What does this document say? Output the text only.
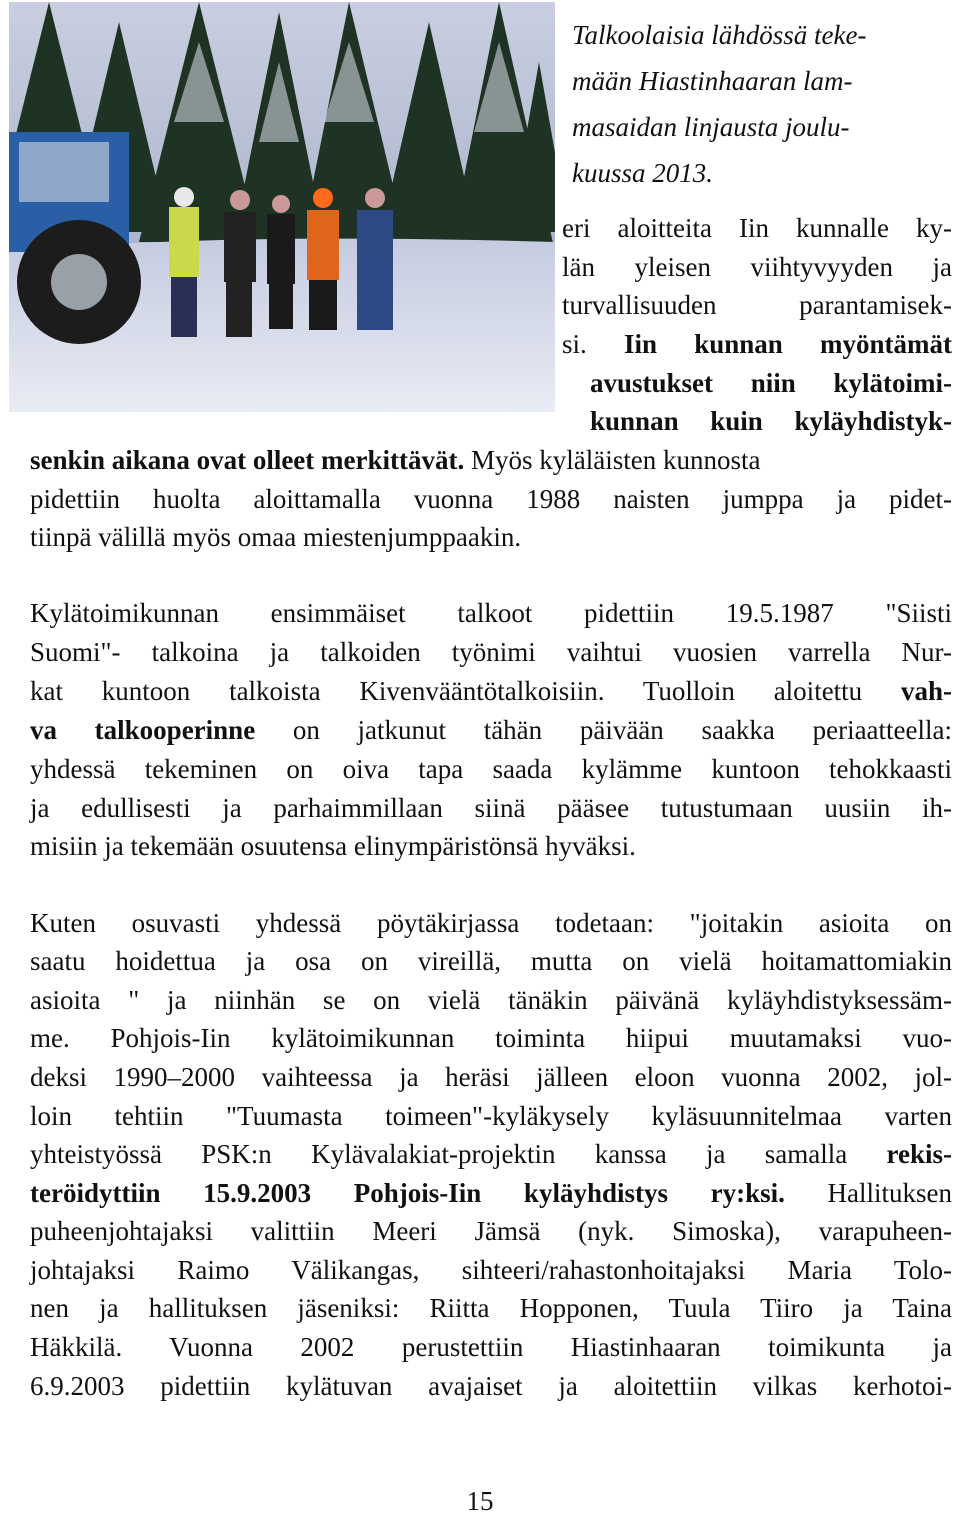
Talkoolaisia lähdössä teke-
mään Hiastinhaaran lam-
masaidan linjausta joulu-
kuussa 2013.
eri aloitteita Iin kunnalle ky-
län yleisen viihtyvyyden ja
turvallisuuden parantamisek-
si. Iin kunnan myöntämät
avustukset niin kylätoimi-
kunnan kuin kyläyhdistyk-
senkin aikana ovat olleet merkittävät. Myös kyläläisten kunnosta
pidettiin huolta aloittamalla vuonna 1988 naisten jumppa ja pidet-
tiinpä välillä myös omaa miestenjumppaakin.
Kylätoimikunnan ensimmäiset talkoot pidettiin 19.5.1987 "Siisti
Suomi"- talkoina ja talkoiden työnimi vaihtui vuosien varrella Nur-
kat kuntoon talkoista Kivenvääntötalkoisiin. Tuolloin aloitettu vah-
va talkooperinne on jatkunut tähän päivään saakka periaatteella:
yhdessä tekeminen on oiva tapa saada kylämme kuntoon tehokkaasti
ja edullisesti ja parhaimmillaan siinä pääsee tutustumaan uusiin ih-
misiin ja tekemään osuutensa elinympäristönsä hyväksi.
Kuten osuvasti yhdessä pöytäkirjassa todetaan: "joitakin asioita on
saatu hoidettua ja osa on vireillä, mutta on vielä hoitamattomiakin
asioita " ja niinhän se on vielä tänäkin päivänä kyläyhdistyksessäm-
me. Pohjois-Iin kylätoimikunnan toiminta hiipui muutamaksi vuo-
deksi 1990–2000 vaihteessa ja heräsi jälleen eloon vuonna 2002, jol-
loin tehtiin "Tuumasta toimeen"-kyläkysely kyläsuunnitelmaa varten
yhteistyössä PSK:n Kylävalakiat-projektin kanssa ja samalla rekis-
teröidyttiin 15.9.2003 Pohjois-Iin kyläyhdistys ry:ksi. Hallituksen
puheenjohtajaksi valittiin Meeri Jämsä (nyk. Simoska), varapuheen-
johtajaksi Raimo Välikangas, sihteeri/rahastonhoitajaksi Maria Tolo-
nen ja hallituksen jäseniksi: Riitta Hopponen, Tuula Tiiro ja Taina
Häkkilä. Vuonna 2002 perustettiin Hiastinhaaran toimikunta ja
6.9.2003 pidettiin kylätuvan avajaiset ja aloitettiin vilkas kerhotoi-
15
